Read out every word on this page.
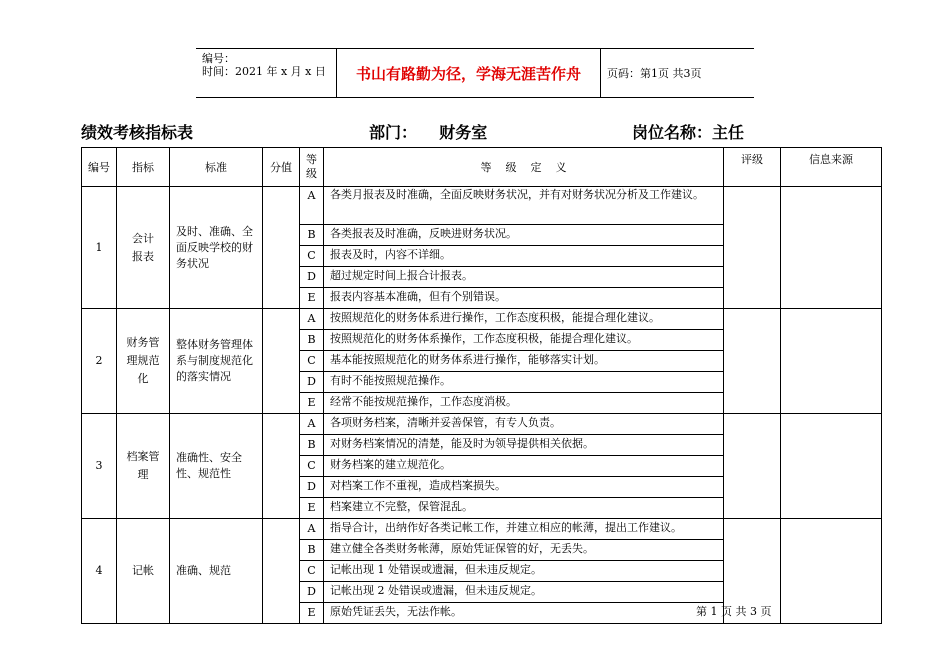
编号：
时间：2021 年 x 月 x 日	书山有路勤为径，学海无涯苦作舟	页码：第1页 共3页
绩效考核指标表	部门：    财务室	岗位名称：主任
编号	指标	标准	分值	等级	等    级    定    义	评级	信息来源
1	会计报表	及时、准确、全面反映学校的财务状况		A	各类月报表及时准确，全面反映财务状况，并有对财务状况分析及工作建议。		
				B	各类报表及时准确，反映进财务状况。		
				C	报表及时，内容不详细。		
				D	超过规定时间上报合计报表。		
				E	报表内容基本准确，但有个别错误。		
2	财务管理规范化	整体财务管理体系与制度规范化的落实情况		A	按照规范化的财务体系进行操作，工作态度积极，能提合理化建议。		
				B	按照规范化的财务体系操作，工作态度积极，能提合理化建议。		
				C	基本能按照规范化的财务体系进行操作，能够落实计划。		
				D	有时不能按照规范操作。		
				E	经常不能按规范操作，工作态度消极。		
3	档案管理	准确性、安全性、规范性		A	各项财务档案，清晰并妥善保管，有专人负责。		
				B	对财务档案情况的清楚，能及时为领导提供相关依据。		
				C	财务档案的建立规范化。		
				D	对档案工作不重视，造成档案损失。		
				E	档案建立不完整，保管混乱。		
4	记帐	准确、规范		A	指导合计，出纳作好各类记帐工作，并建立相应的帐薄，提出工作建议。		
				B	建立健全各类财务帐薄，原始凭证保管的好，无丢失。		
				C	记帐出现 1 处错误或遗漏，但未违反规定。		
				D	记帐出现 2 处错误或遗漏，但未违反规定。		
				E	原始凭证丢失，无法作帐。			第 1 页 共 3 页
